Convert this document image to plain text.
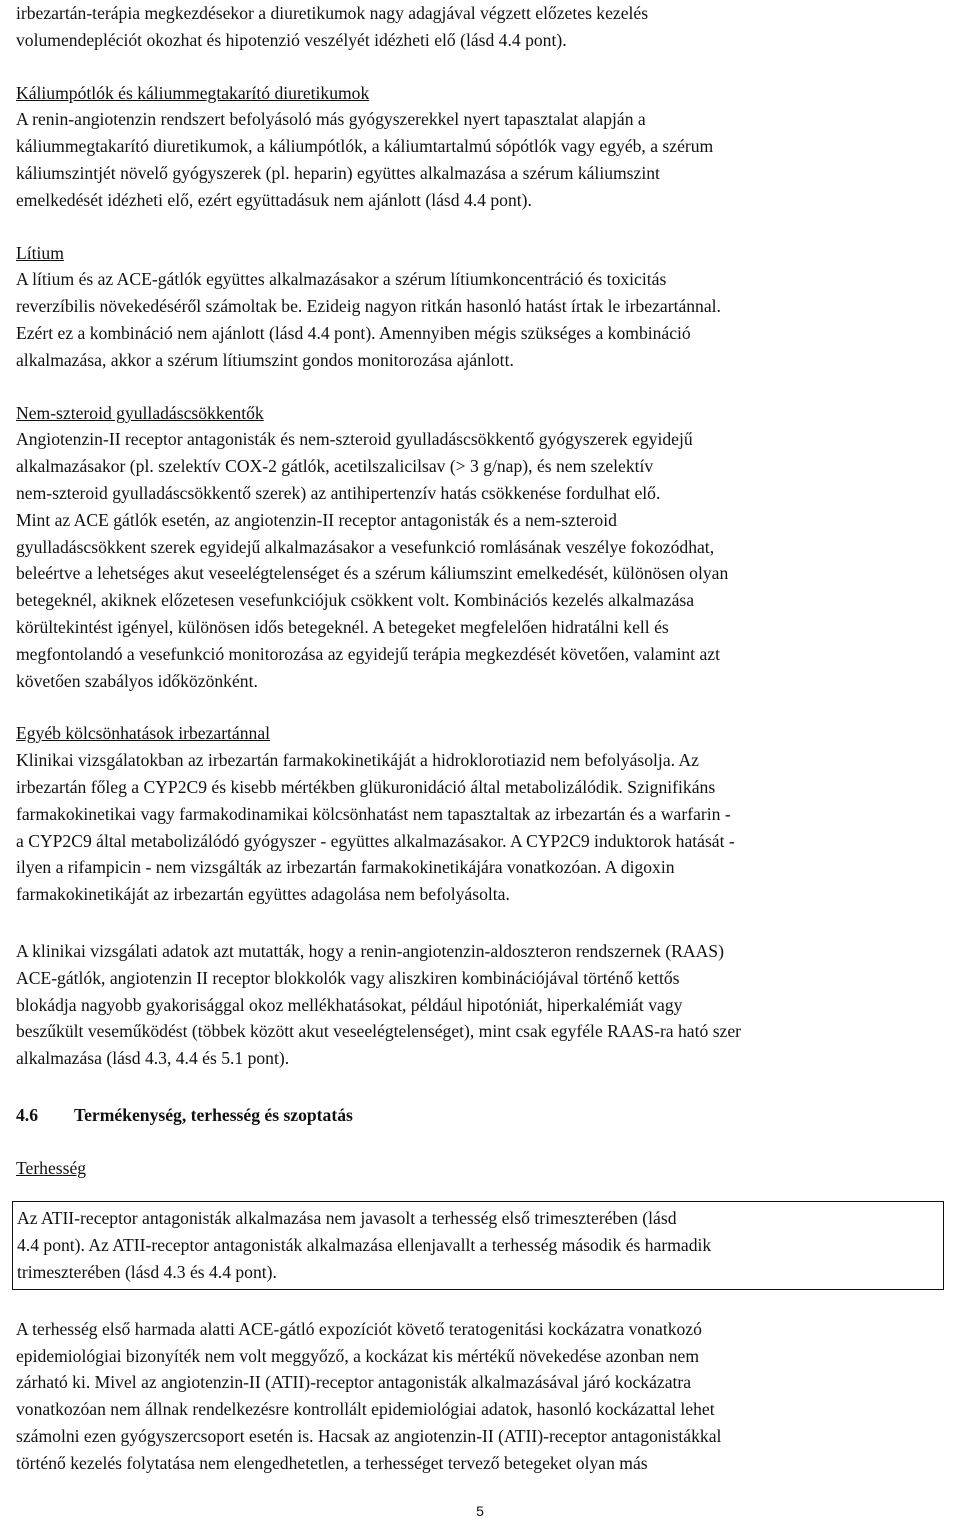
irbezartán-terápia megkezdésekor a diuretikumok nagy adagjával végzett előzetes kezelés
volumendepléciót okozhat és hipotenzió veszélyét idézheti elő (lásd 4.4 pont).
Káliumpótlók és káliummegtakarító diuretikumok
A renin-angiotenzin rendszert befolyásoló más gyógyszerekkel nyert tapasztalat alapján a
káliummegtakarító diuretikumok, a káliumpótlók, a káliumtartalmú sópótlók vagy egyéb, a szérum
káliumszintjét növelő gyógyszerek (pl. heparin) együttes alkalmazása a szérum káliumszint
emelkedését idézheti elő, ezért együttadásuk nem ajánlott (lásd 4.4 pont).
Lítium
A lítium és az ACE-gátlók együttes alkalmazásakor a szérum lítiumkoncentráció és toxicitás
reverzíbilis növekedéséről számoltak be. Ezideig nagyon ritkán hasonló hatást írtak le irbezartánnal.
Ezért ez a kombináció nem ajánlott (lásd 4.4 pont). Amennyiben mégis szükséges a kombináció
alkalmazása, akkor a szérum lítiumszint gondos monitorozása ajánlott.
Nem-szteroid gyulladáscsökkentők
Angiotenzin-II receptor antagonisták és nem-szteroid gyulladáscsökkentő gyógyszerek egyidejű
alkalmazásakor (pl. szelektív COX-2 gátlók, acetilszalicilsav (> 3 g/nap), és nem szelektív
nem-szteroid gyulladáscsökkentő szerek) az antihipertenzív hatás csökkenése fordulhat elő.
Mint az ACE gátlók esetén, az angiotenzin-II receptor antagonisták és a nem-szteroid
gyulladáscsökkent szerek egyidejű alkalmazásakor a vesefunkció romlásának veszélye fokozódhat,
beleértve a lehetséges akut veseelégtelenséget és a szérum káliumszint emelkedését, különösen olyan
betegeknél, akiknek előzetesen vesefunkciójuk csökkent volt. Kombinációs kezelés alkalmazása
körültekintést igényel, különösen idős betegeknél. A betegeket megfelelően hidratálni kell és
megfontolandó a vesefunkció monitorozása az egyidejű terápia megkezdését követően, valamint azt
követően szabályos időközönként.
Egyéb kölcsönhatások irbezartánnal
Klinikai vizsgálatokban az irbezartán farmakokinetikáját a hidroklorotiazid nem befolyásolja. Az
irbezartán főleg a CYP2C9 és kisebb mértékben glükuronidáció által metabolizálódik. Szignifikáns
farmakokinetikai vagy farmakodinamikai kölcsönhatást nem tapasztaltak az irbezartán és a warfarin -
a CYP2C9 által metabolizálódó gyógyszer - együttes alkalmazásakor. A CYP2C9 induktorok hatását -
ilyen a rifampicin - nem vizsgálták az irbezartán farmakokinetikájára vonatkozóan. A digoxin
farmakokinetikáját az irbezartán együttes adagolása nem befolyásolta.
A klinikai vizsgálati adatok azt mutatták, hogy a renin-angiotenzin-aldoszteron rendszernek (RAAS)
ACE-gátlók, angiotenzin II receptor blokkolók vagy aliszkiren kombinációjával történő kettős
blokádja nagyobb gyakorisággal okoz mellékhatásokat, például hipotóniát, hiperkalémiát vagy
beszűkült veseműködést (többek között akut veseelégtelenséget), mint csak egyféle RAAS-ra ható szer
alkalmazása (lásd 4.3, 4.4 és 5.1 pont).
4.6 Termékenység, terhesség és szoptatás
Terhesség
Az ATII-receptor antagonisták alkalmazása nem javasolt a terhesség első trimeszterében (lásd
4.4 pont). Az ATII-receptor antagonisták alkalmazása ellenjavallt a terhesség második és harmadik
trimeszterében (lásd 4.3 és 4.4 pont).
A terhesség első harmada alatti ACE-gátló expozíciót követő teratogenitási kockázatra vonatkozó
epidemiológiai bizonyíték nem volt meggyőző, a kockázat kis mértékű növekedése azonban nem
zárható ki. Mivel az angiotenzin-II (ATII)-receptor antagonisták alkalmazásával járó kockázatra
vonatkozóan nem állnak rendelkezésre kontrollált epidemiológiai adatok, hasonló kockázattal lehet
számolni ezen gyógyszercsoport esetén is. Hacsak az angiotenzin-II (ATII)-receptor antagonistákkal
történő kezelés folytatása nem elengedhetetlen, a terhességet tervező betegeket olyan más
5
